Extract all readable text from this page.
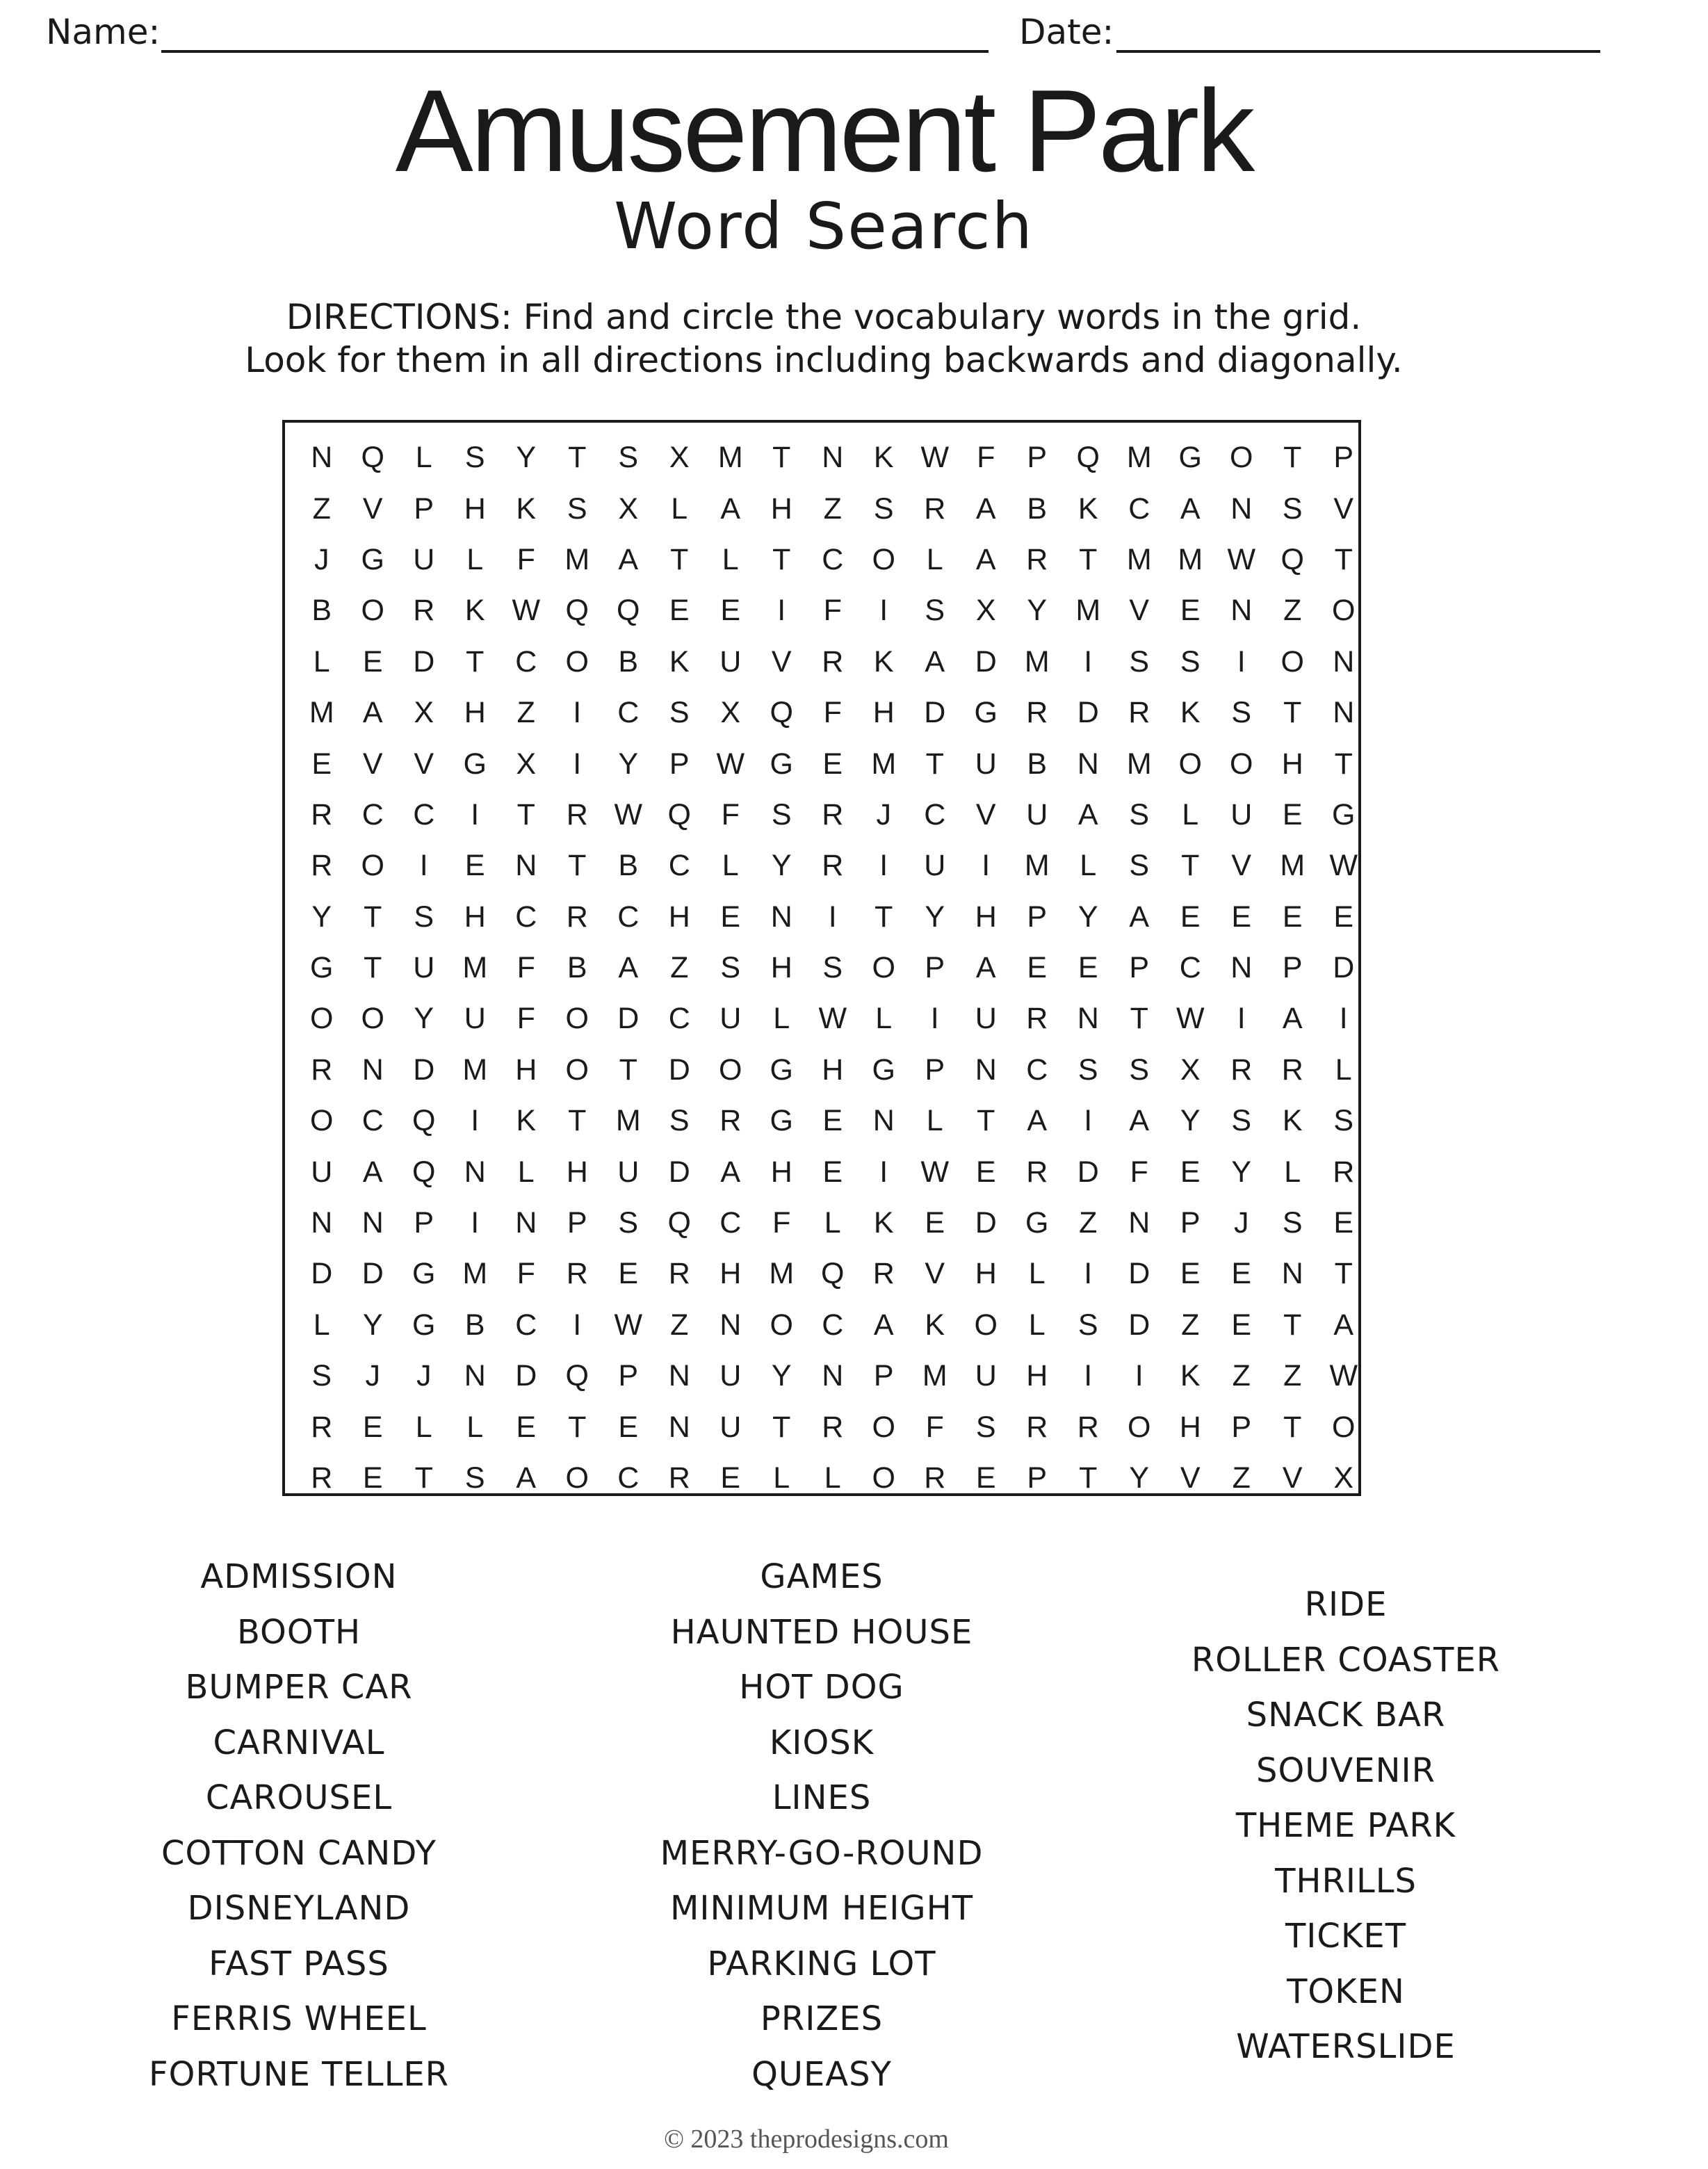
Name:	Date:
Amusement Park
Word Search
DIRECTIONS: Find and circle the vocabulary words in the grid.
Look for them in all directions including backwards and diagonally.
N Q	L	S	Y	T	S	X M T	N	K W F	P Q M G O	T	P
Z	V	P	H	K	S	X	L	A	H	Z	S	R	A	B	K	C	A	N	S	V
J	G U	L	F M A	T	L	T	C O	L	A	R	T M M W Q	T
B O R	K W Q Q E	E	I	F	I	S	X	Y M V	E	N	Z	O
L	E	D	T	C O B	K	U	V	R	K	A	D M	I	S	S	I	O N
M A	X	H	Z	I	C	S	X Q	F	H D G R D R	K	S	T	N
E	V	V G X	I	Y	P W G E M T	U	B	N M O O H	T
R C C	I	T	R W Q	F	S	R	J	C	V	U	A	S	L	U	E G
R O	I	E	N	T	B	C	L	Y	R	I	U	I	M	L	S	T	V M W
Y	T	S	H C R C H	E	N	I	T	Y	H	P	Y	A	E	E	E	E
G	T	U M F	B	A	Z	S	H	S O P	A	E	E	P	C N	P	D
O O Y	U	F	O D C U	L W L	I	U R N	T W	I	A	I
R N D M H O	T	D O G H G P	N C	S	S	X	R R	L
O C Q	I	K	T M S	R G E	N	L	T	A	I	A	Y	S	K	S
U	A Q N	L	H U D	A	H	E	I	W E	R D	F	E	Y	L	R
N N	P	I	N	P	S Q C	F	L	K	E	D G	Z	N	P	J	S	E
D D G M F	R	E	R H M Q R	V	H	L	I	D	E	E	N	T
L	Y G B	C	I	W Z	N O C	A	K O	L	S	D	Z	E	T	A
S	J	J	N D Q P	N U	Y	N	P M U H	I	I	K	Z	Z W
R	E	L	L	E	T	E	N U	T	R O	F	S	R R O H	P	T	O
R	E	T	S	A O C R	E	L	L	O R	E	P	T	Y	V	Z	V	X
ADMISSION
BOOTH
BUMPER CAR
CARNIVAL
CAROUSEL
COTTON CANDY
DISNEYLAND
FAST PASS
FERRIS WHEEL
FORTUNE TELLER
GAMES
HAUNTED HOUSE
HOT DOG
KIOSK
LINES
MERRY-GO-ROUND
MINIMUM HEIGHT
PARKING LOT
PRIZES
QUEASY
RIDE
ROLLER COASTER
SNACK BAR
SOUVENIR
THEME PARK
THRILLS
TICKET
TOKEN
WATERSLIDE
© 2023 theprodesigns.com
